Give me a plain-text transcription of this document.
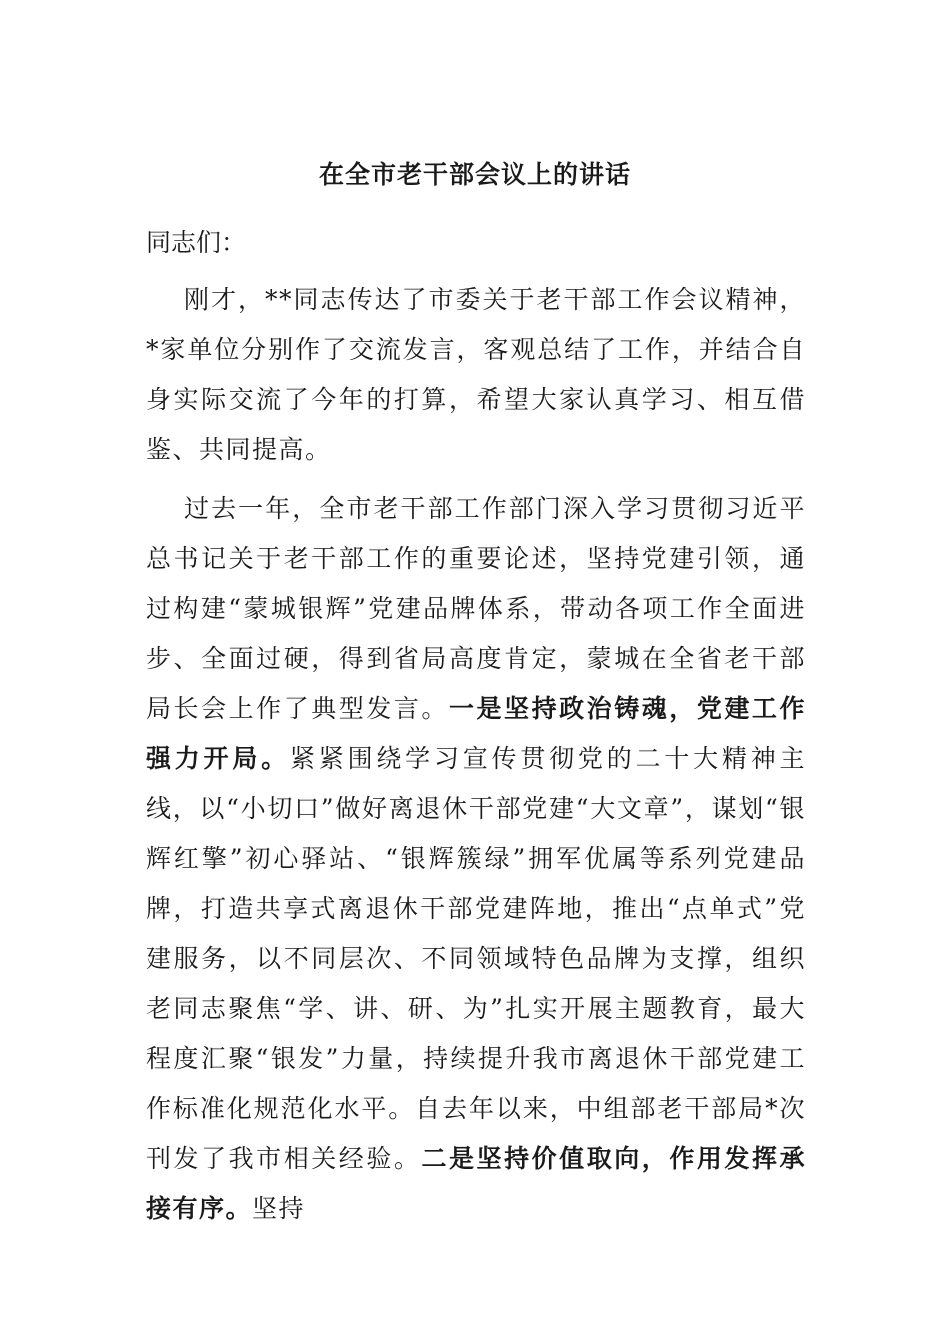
在全市老干部会议上的讲话
同志们：

刚才，**同志传达了市委关于老干部工作会议精神，*家单位分别作了交流发言，客观总结了工作，并结合自身实际交流了今年的打算，希望大家认真学习、相互借鉴、共同提高。

过去一年，全市老干部工作部门深入学习贯彻习近平总书记关于老干部工作的重要论述，坚持党建引领，通过构建“蒙城银辉”党建品牌体系，带动各项工作全面进步、全面过硬，得到省局高度肯定，蒙城在全省老干部局长会上作了典型发言。一是坚持政治铸魂，党建工作强力开局。紧紧围绕学习宣传贯彻党的二十大精神主线，以“小切口”做好离退休干部党建“大文章”，谋划“银辉红擎”初心驿站、“银辉簇绿”拥军优属等系列党建品牌，打造共享式离退休干部党建阵地，推出“点单式”党建服务，以不同层次、不同领域特色品牌为支撑，组织老同志聚焦“学、讲、研、为”扎实开展主题教育，最大程度汇聚“银发”力量，持续提升我市离退休干部党建工作标准化规范化水平。自去年以来，中组部老干部局*次刊发了我市相关经验。二是坚持价值取向，作用发挥承接有序。坚持
